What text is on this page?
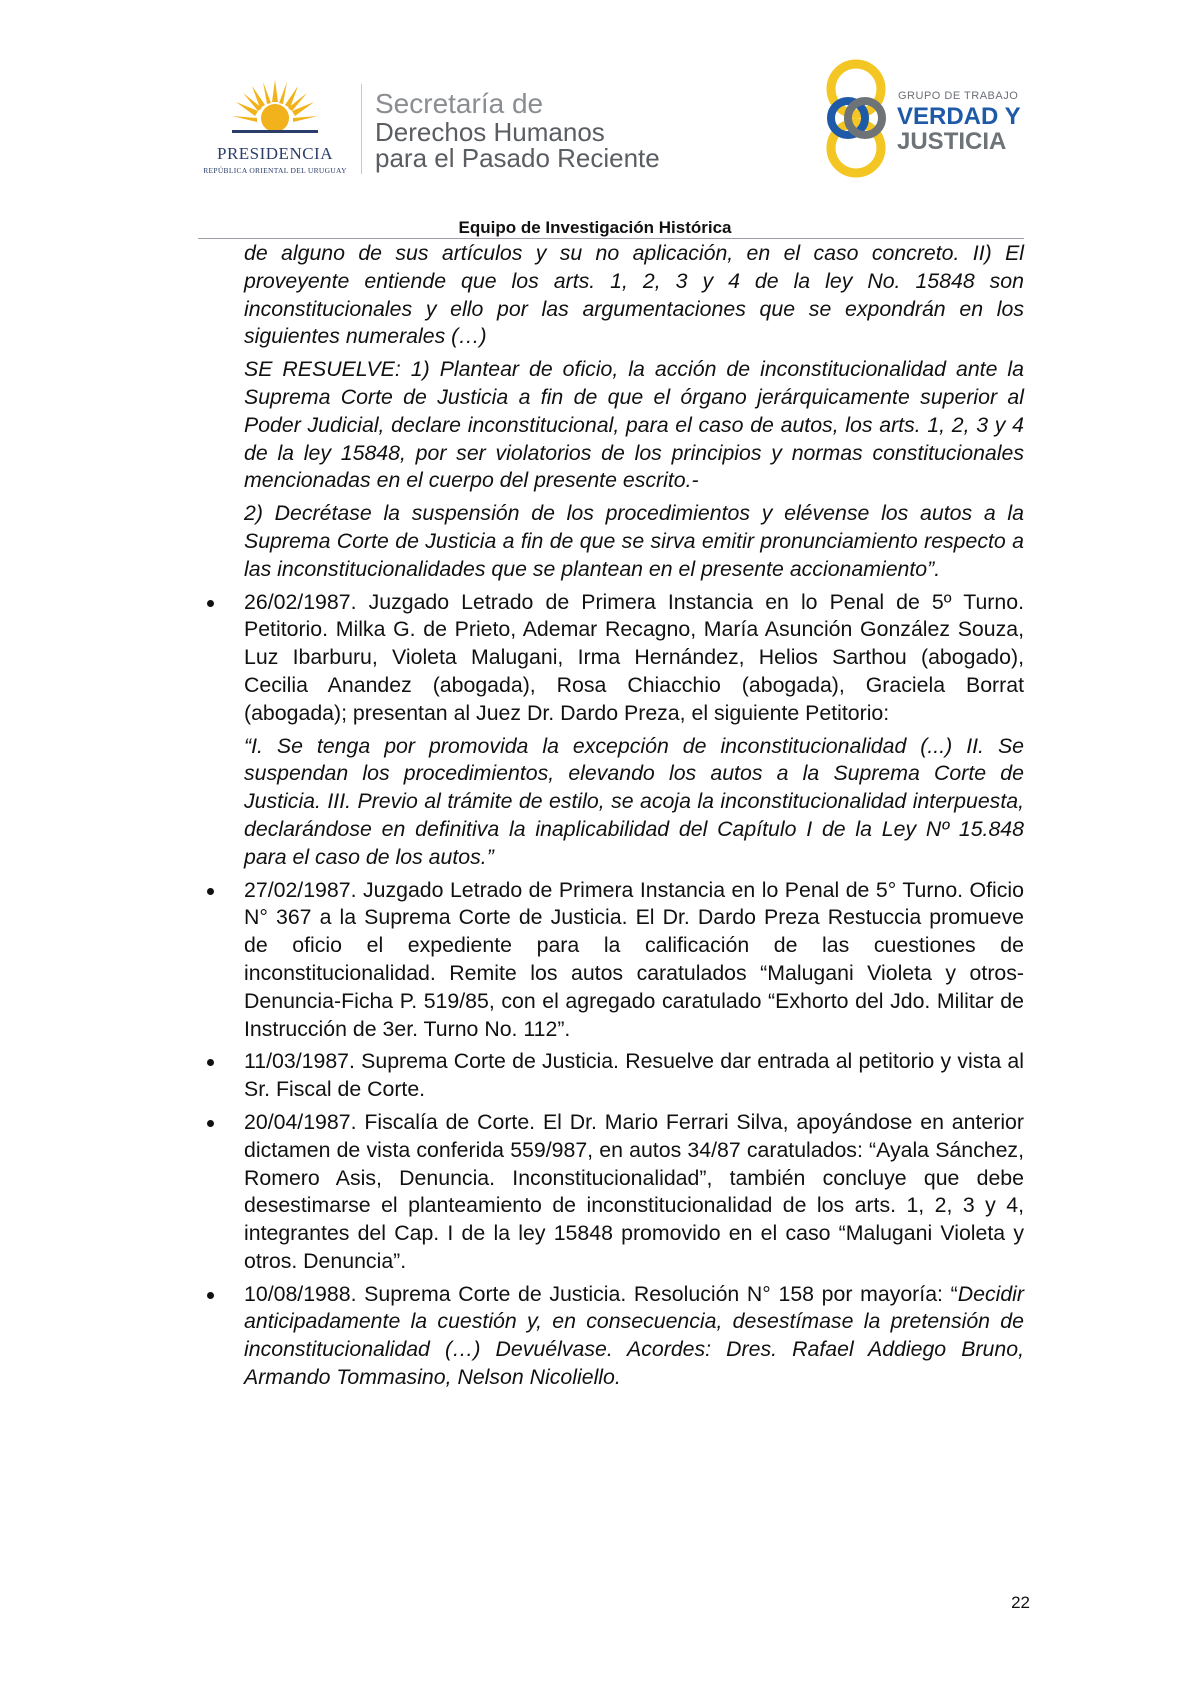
PRESIDENCIA
REPÚBLICA ORIENTAL DEL URUGUAY
Secretaría de
Derechos Humanos
para el Pasado Reciente
GRUPO DE TRABAJO
VERDAD Y
JUSTICIA
Equipo de Investigación Histórica

de alguno de sus artículos y su no aplicación, en el caso concreto. II) El proveyente entiende que los arts. 1, 2, 3 y 4 de la ley No. 15848 son inconstitucionales y ello por las argumentaciones que se expondrán en los siguientes numerales (…)

SE RESUELVE: 1) Plantear de oficio, la acción de inconstitucionalidad ante la Suprema Corte de Justicia a fin de que el órgano jerárquicamente superior al Poder Judicial, declare inconstitucional, para el caso de autos, los arts. 1, 2, 3 y 4 de la ley 15848, por ser violatorios de los principios y normas constitucionales mencionadas en el cuerpo del presente escrito.-

2) Decrétase la suspensión de los procedimientos y elévense los autos a la Suprema Corte de Justicia a fin de que se sirva emitir pronunciamiento respecto a las inconstitucionalidades que se plantean en el presente accionamiento”.

26/02/1987. Juzgado Letrado de Primera Instancia en lo Penal de 5º Turno. Petitorio. Milka G. de Prieto, Ademar Recagno, María Asunción González Souza, Luz Ibarburu, Violeta Malugani, Irma Hernández, Helios Sarthou (abogado), Cecilia Anandez (abogada), Rosa Chiacchio (abogada), Graciela Borrat (abogada); presentan al Juez Dr. Dardo Preza, el siguiente Petitorio:

“I. Se tenga por promovida la excepción de inconstitucionalidad (...) II. Se suspendan los procedimientos, elevando los autos a la Suprema Corte de Justicia. III. Previo al trámite de estilo, se acoja la inconstitucionalidad interpuesta, declarándose en definitiva la inaplicabilidad del Capítulo I de la Ley Nº 15.848 para el caso de los autos.”

27/02/1987. Juzgado Letrado de Primera Instancia en lo Penal de 5° Turno. Oficio N° 367 a la Suprema Corte de Justicia. El Dr. Dardo Preza Restuccia promueve de oficio el expediente para la calificación de las cuestiones de inconstitucionalidad. Remite los autos caratulados “Malugani Violeta y otros-Denuncia-Ficha P. 519/85, con el agregado caratulado “Exhorto del Jdo. Militar de Instrucción de 3er. Turno No. 112”.

11/03/1987. Suprema Corte de Justicia. Resuelve dar entrada al petitorio y vista al Sr. Fiscal de Corte.

20/04/1987. Fiscalía de Corte. El Dr. Mario Ferrari Silva, apoyándose en anterior dictamen de vista conferida 559/987, en autos 34/87 caratulados: “Ayala Sánchez, Romero Asis, Denuncia. Inconstitucionalidad”, también concluye que debe desestimarse el planteamiento de inconstitucionalidad de los arts. 1, 2, 3 y 4, integrantes del Cap. I de la ley 15848 promovido en el caso “Malugani Violeta y otros. Denuncia”.

10/08/1988. Suprema Corte de Justicia. Resolución N° 158 por mayoría: “Decidir anticipadamente la cuestión y, en consecuencia, desestímase la pretensión de inconstitucionalidad (…) Devuélvase. Acordes: Dres. Rafael Addiego Bruno, Armando Tommasino, Nelson Nicoliello.

22
